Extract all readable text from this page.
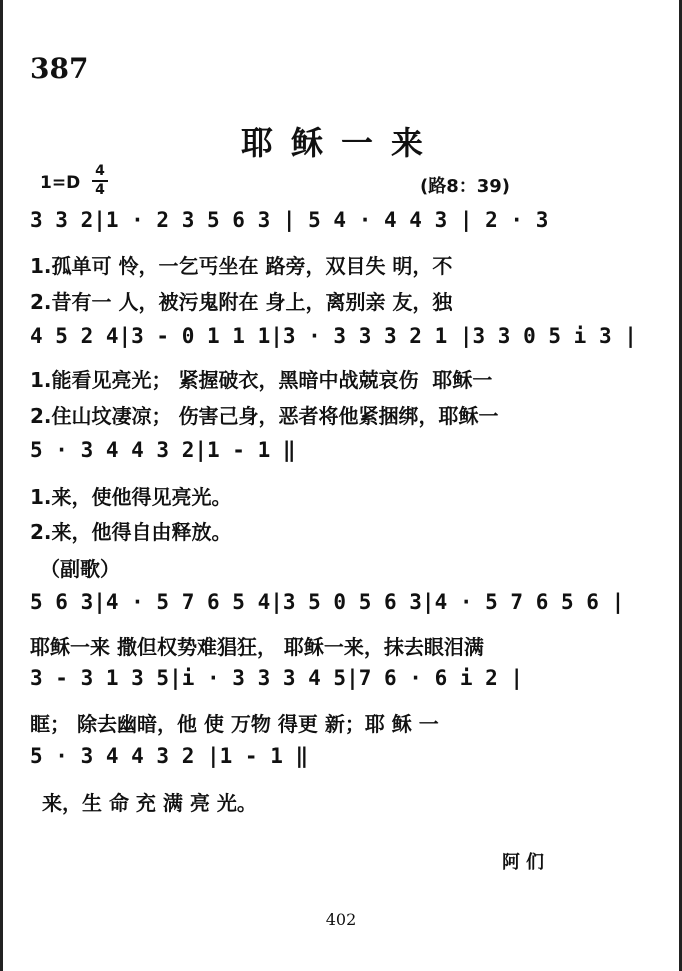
387
耶稣一来
1=D
4
4	(路8：39)
3 3 2|1 · 2 3 5 6 3 | 5 4 · 4 4 3 | 2 · 3
1.孤单可 怜，一乞丐坐在 路旁，双目失 明，不
2.昔有一 人，被污鬼附在 身上，离别亲 友，独
4 5 2 4|3 - 0 1 1 1|3 · 3 3 3 2 1 |3 3 0 5 i 3 |
1.能看见亮光； 紧握破衣，黑暗中战兢哀伤  耶稣一
2.住山坟凄凉； 伤害己身，恶者将他紧捆绑，耶稣一
5 · 3 4 4 3 2|1 - 1 ‖
1.来，使他得见亮光。
2.来，他得自由释放。
（副歌）
5 6 3|4 · 5 7 6 5 4|3 5 0 5 6 3|4 · 5 7 6 5 6 |
耶稣一来 撒但权势难猖狂， 耶稣一来，抹去眼泪满
3 - 3 1 3 5|i · 3 3 3 4 5|7 6 · 6 i 2 |
眶； 除去幽暗，他 使 万物 得更 新；耶 稣 一
5 · 3 4 4 3 2 |1 - 1 ‖
来，生 命 充 满 亮 光。
阿们
402
